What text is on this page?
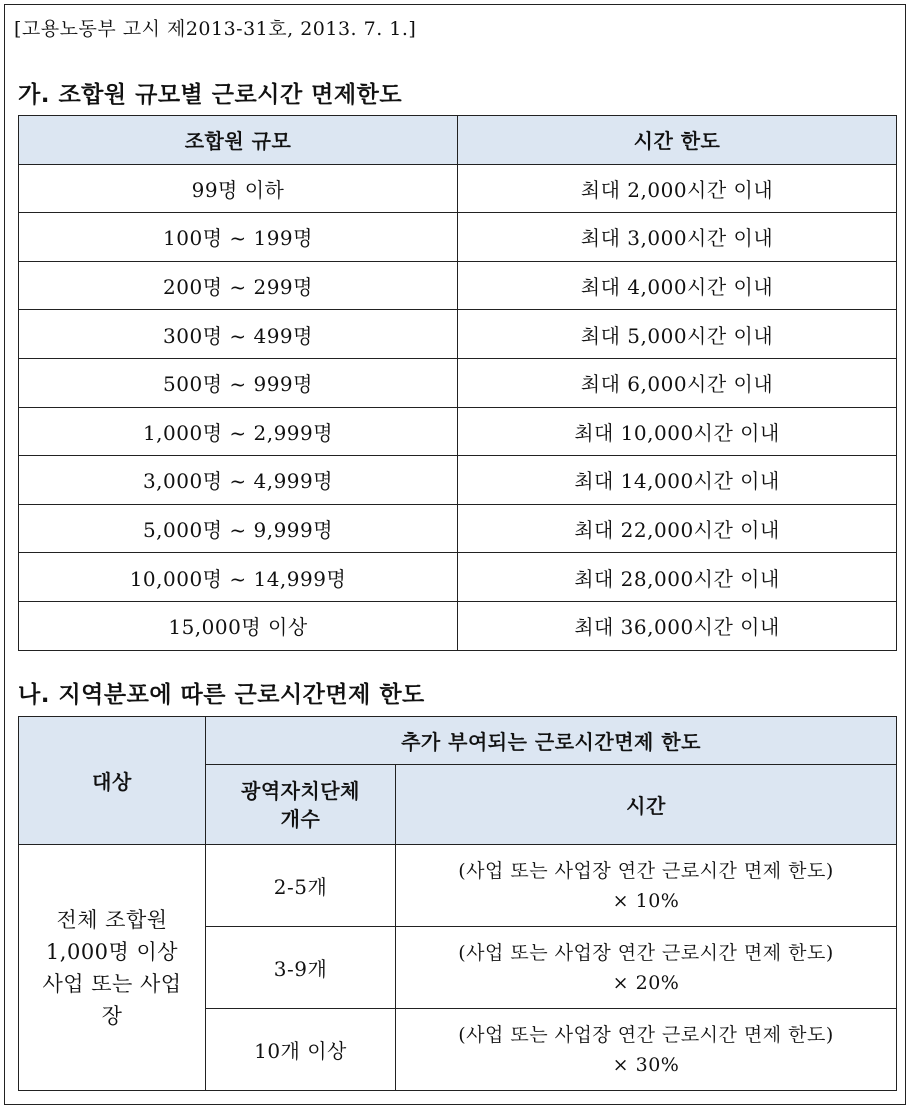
[고용노동부 고시 제2013-31호, 2013. 7. 1.]
가. 조합원 규모별 근로시간 면제한도
조합원 규모	시간 한도
99명 이하	최대 2,000시간 이내
100명 ~ 199명	최대 3,000시간 이내
200명 ~ 299명	최대 4,000시간 이내
300명 ~ 499명	최대 5,000시간 이내
500명 ~ 999명	최대 6,000시간 이내
1,000명 ~ 2,999명	최대 10,000시간 이내
3,000명 ~ 4,999명	최대 14,000시간 이내
5,000명 ~ 9,999명	최대 22,000시간 이내
10,000명 ~ 14,999명	최대 28,000시간 이내
15,000명 이상	최대 36,000시간 이내
나. 지역분포에 따른 근로시간면제 한도
대상	추가 부여되는 근로시간면제 한도	
	광역자치단체 개수	시간
전체 조합원 1,000명 이상 사업 또는 사업장	2-5개	(사업 또는 사업장 연간 근로시간 면제 한도)
× 10%

	3-9개	(사업 또는 사업장 연간 근로시간 면제 한도)
× 20%

	10개 이상	(사업 또는 사업장 연간 근로시간 면제 한도)
× 30%
